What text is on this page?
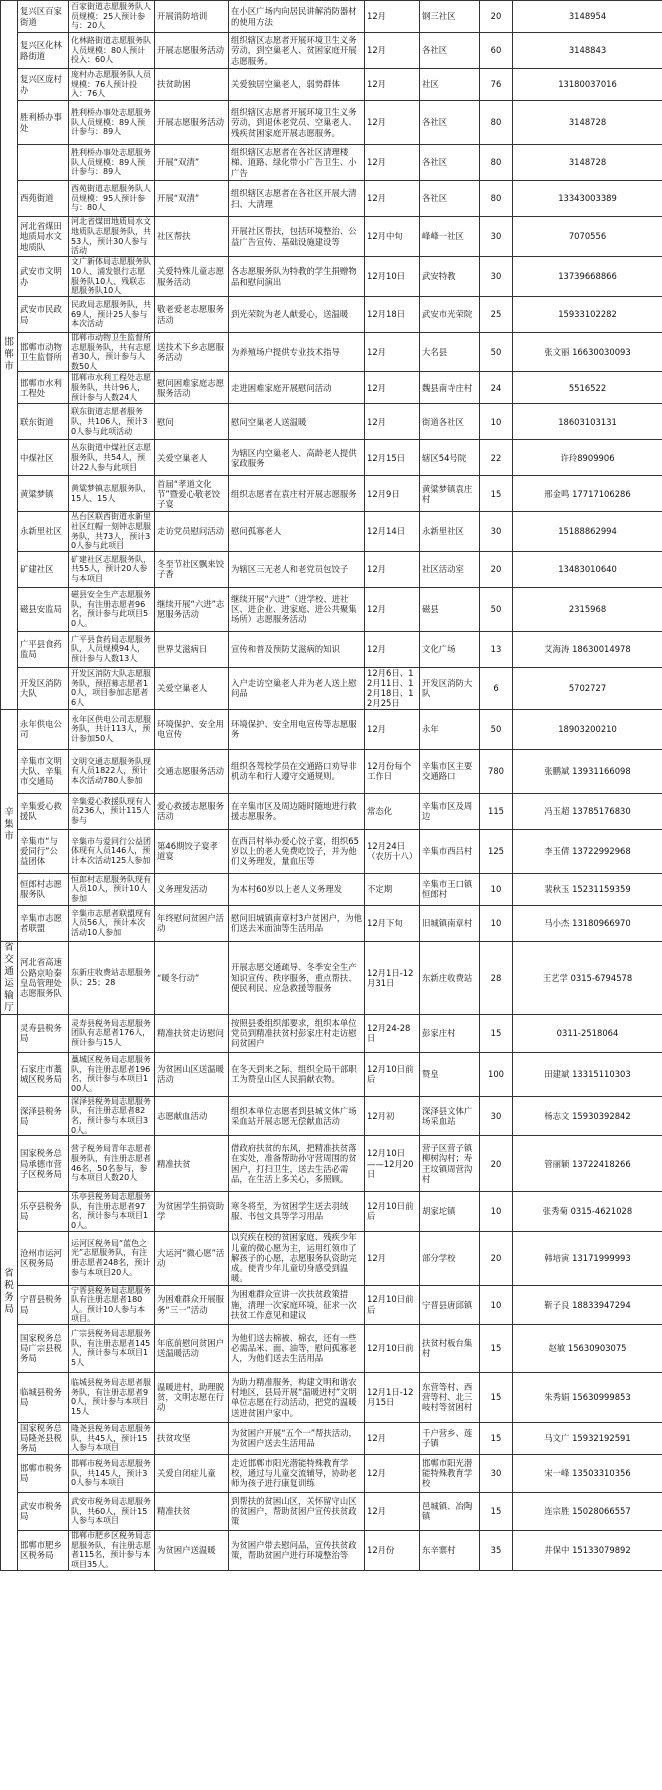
邯郸市	复兴区百家街道	百家街道志愿服务队人员规模：25人预计参与：20人	开展消防培训	在小区广场内向居民讲解消防器材的使用方法	12月	钢三社区	20	3148954
	复兴区化林路街道	化林路街道志愿服务队人员规模：80人预计投入：60人	开展志愿服务活动	组织辖区志愿者开展环境卫生义务劳动，到空巢老人、贫困家庭开展志愿服务。	12月	各社区	60	3148843
	复兴区庞村办	庞村办志愿服务队人员规模：76人预计投入：76人	扶贫助困	关爱独居空巢老人，弱势群体	12月	社区	76	13180037016
	胜利桥办事处	胜利桥办事处志愿服务队人员规模：89人预计参与：89人	开展志愿服务活动	组织辖区志愿者开展环境卫生义务劳动，到退休老党员、空巢老人、残疾贫困家庭开展志愿服务。	12月	各社区	80	3148728
		胜利桥办事处志愿服务队人员规模：89人预计参与：89人	开展“双清”	组织辖区志愿者在各社区清理楼梯、道路、绿化带小广告卫生、小广告	12月	各社区	80	3148728
	西苑街道	西苑街道志愿服务队人员规模：95人预计参与：80人	开展“双清”	组织辖区志愿者在各社区开展大清扫、大清理	12月	各社区	80	13343003389
	河北省煤田地质局水文地质队	河北省煤田地质局水文地质队志愿服务队，共53人，预计30人参与活动	社区帮扶	开展社区帮扶，包括环境整治、公益广告宣传、基础设施建设等	12月中旬	峰峰一社区	30	7070556
	武安市文明办	文广新体局志愿服务队10人、浦发银行志愿服务队10人、残联志愿服务队10人	关爱特殊儿童志愿服务活动	各志愿服务队为特教的学生捐赠物品和慰问演出	12月10日	武安特教	30	13739668866
	武安市民政局	民政局志愿服务队，共69人，预计25人参与本次活动	敬老爱老志愿服务活动	到光荣院为老人献爱心，送温暖	12月18日	武安市光荣院	25	15933102282
	邯郸市动物卫生监督所	邯郸市动物卫生监督所志愿服务队，共有志愿者30人，预计参与人数50人	送技术下乡志愿服务活动	为养殖场户提供专业技术指导	12月	大名县	50	张文丽 16630030093
	邯郸市水利工程处	邯郸市水利工程处志愿服务队，共计96人，预计参与人数24人	慰问困难家庭志愿服务活动	走进困难家庭开展慰问活动	12月	魏县南寺庄村	24	5516522
	联东街道	联东街道志愿者服务队，共106人，预计30人参与此项活动	慰问	慰问空巢老人送温暖	12月	街道各社区	10	18603103131
	中煤社区	丛东街道中煤社区志愿服务队，共54人，预计22人参与此项目	关爱空巢老人	为辖区内空巢老人、高龄老人提供家政服务	12月15日	辖区54号院	22	许玲8909906
	黄粱梦镇	黄粱梦镇志愿服务队，15人、15人	首届“孝道文化节”暨爱心敬老饺子宴	组织志愿者在袁庄村开展志愿服务	12月9日	黄粱梦镇袁庄村	15	邢金鸣 17717106286
	永新里社区	丛台区联西街道永新里社区红帽一刻钟志愿服务队，共73人，预计30人参与此项目	走访党员慰问活动	慰问孤寡老人	12月14日	永新里社区	30	15188862994
	矿建社区	矿建社区志愿服务队，共55人，预计20人参与本项目	冬至节社区飘来饺子香	为辖区三无老人和老党员包饺子	12月	社区活动室	20	13483010640
	磁县安监局	磁县安全生产志愿服务队，有注册志愿者96名，预计参与此项目50人。	继续开展“六进”志愿服务活动	继续开展“六进”（进学校、进社区、进企业、进家庭、进公共聚集场所）志愿服务活动	12月	磁县	50	2315968
	广平县食药监局	广平县食药局志愿服务队，人员规模94人，预计参与人数13人	世界艾滋病日	宣传和普及预防艾滋病的知识	12月	文化广场	13	艾海涛 18630014978
	开发区消防大队	开发区消防大队志愿服务队，预招募志愿者10人，项目参加志愿者6人	关爱空巢老人	入户走访空巢老人并为老人送上慰问品	12月6日、12月11日、12月18日、12月25日	开发区消防大队	6	5702727
辛集市	永年供电公司	永年区供电公司志愿服务队，共计113人，预计参加50人	环境保护、安全用电宣传	环境保护、安全用电宣传等志愿服务	12月	永年	50	18903200210
	辛集市文明大队、辛集市交通局	文明交通志愿服务队现有人员1822人，预计本次活动780人参加	交通志愿服务活动	组织各驾校学员在交通路口劝导非机动车和行人遵守交通规则。	12月份每个工作日	辛集市区主要交通路口	780	张鹏斌 13931166098
	辛集爱心救援队	辛集爱心救援队现有人员236人，预计115人参与	爱心救援志愿服务活动	在辛集市区及周边随时随地进行救援志愿服务。	常态化	辛集市区及周边	115	冯玉超 13785176830
	辛集市“与爱同行”公益团体	辛集市与爱同行公益团体现有人员146人，预计本次活动125人参加	第46期饺子宴孝道宴	在西吕村举办爱心饺子宴，组织65岁以上的老人免费吃饺子，并为他们义务理发，量血压等	12月24日（农历十八）	辛集市西吕村	125	李玉倩 13722992968
	恒郎村志愿服务队	恒郎村志愿服务队现有人员10人，预计10人参加	义务理发活动	为本村60岁以上老人义务理发	不定期	辛集市王口镇恒郎村	10	裴秋玉 15231159359
	辛集市志愿者联盟	辛集市志愿者联盟现有人员56人，预计本次活动10人参加	年终慰问贫困户活动	慰问旧城镇南章村3户贫困户，为他们送去米面油等生活用品	12月下旬	旧城镇南章村	10	马小杰 13180966970
省交通运输厅	河北省高速公路京哈秦皇岛管理处志愿服务队	东新庄收费站志愿服务队；25；28	“暖冬行动”	开展志愿交通疏导、冬季安全生产知识宣传、秩序服务，重点帮扶、便民利民、应急救援等服务	12月1日-12月31日	东新庄收费站	28	王艺学 0315-6794578
省税务局	灵寿县税务局	灵寿县税务局志愿服务团队有志愿者176人，预计参与15人	精准扶贫走访慰问	按照县委组织部要求，组织本单位党员到精准扶贫村彭家庄村走访慰问贫困户	12月24-28日	彭家庄村	15	0311-2518064
	石家庄市藁城区税务局	藁城区税务局志愿服务队，有注册志愿者196名，预计参与本项目100人。	为贫困山区送温暖活动	在冬天到来之际，组织全局干部职工为赞皇山区人民捐献衣物。	12月10日前后	赞皇	100	田建斌 13315110303
	深泽县税务局	深泽县税务局志愿服务队，有注册志愿者82名，预计参与本项目30人。	志愿献血活动	组织本单位志愿者到县城文体广场采血站开展志愿无偿献血活动	12月初	深泽县文体广场采血站	30	杨志文 15930392842
	国家税务总局承德市营子区税务局	营子税务局青年志愿者服务队，有注册志愿者46名，50名参与，参与本项目人数20人	精准扶贫	借政府扶贫的东风，把精准扶贫落在实处，准备帮助孙守营周围的贫困户，打扫卫生，送去生活必需品，在生活上多关心，多照顾。	12月10日——12月20日	营子区营子镇柳树沟村；寿王坟镇周营沟村	20	管丽颖 13722418266
	乐亭县税务局	乐亭县税务局志愿服务队，有注册志愿者97名，预计参与本项目10人。	为贫困学生捐资助学	寒冬将至，为贫困学生送去羽绒服、书包文具等学习用品	12月10日前后	胡家坨镇	10	张秀菊 0315-4621028
	沧州市运河区税务局	运河区税务局“蓝色之光”志愿服务队，有注册志愿者248名，预计参与本项目20人。	大运河“微心愿”活动	以究疾在校的贫困家庭、残疾少年儿童的微心愿为主，运用红领巾了解孩子的心愿，志愿服务队资助完成。使青少年儿童切身感受到温暖。	12月	部分学校	20	韩培寅 13171999993
	宁晋县税务局	宁晋县税务局志愿服务队有注册志愿者180人。预计10人参与本项目。	为困难群众开展服务“三一”活动	为困难群众宣讲一次扶贫政策措施，清理一次家庭环境，征求一次扶贫工作意见和建议	12月10日前后	宁晋县唐邱镇	10	靳子良 18833947294
	国家税务总局广宗县税务局	广宗县税务局志愿服务队，有注册志愿者145人，预计参与本项目15人	年底前慰问贫困户送温暖活动	为他们送去棉被、棉衣，还有一些必需品米、面、油等，慰问孤寡老人，为他们送去生活用品	12月10日前	扶贫村板台集村	15	赵敏 15630903075
	临城县税务局	临城县税务局志愿者服务队，有注册志愿者90人，预计参与本项目15人	温暖进村，助理脱贫，文明志愿在行动	为助力精准服务，构建文明和谐农村地区，县局开展“温暖进村”文明单位志愿在行动活动，把党的温暖送进贫困户家中。	12月1日-12月15日	东营等村、西营等村、北三岐村等贫困村	15	朱秀娟 15630999853
	国家税务总局隆尧县税务局	隆尧县税务局志愿服务队，共45人，预计15人参与本项目	扶贫攻坚	为贫困户开展“五个一”帮扶活动，为贫困户送去生活用品	12月	千户营乡、莲子镇	15	马文广 15932192591
	邯郸市税务局	邯郸市税务局志愿服务队，共145人，预计30人参与本项目	关爱自闭症儿童	走近邯郸市阳光潜能特殊教育学校，通过与儿童交流辅导，协助老师为孩子进行康复训练	12月	邯郸市阳光潜能特殊教育学校	30	宋一峰 13503310356
	武安市税务局	武安市税务局志愿服务队，共60人，预计15人参与本项目	精准扶贫	到帮扶的贫困山区，关怀留守山区的贫困户，帮助贫困户宣传扶贫政策	12月	邑城镇、冶陶镇	15	连宗胜 15028066557
	邯郸市肥乡区税务局	邯郸市肥乡区税务局志愿服务队，有注册志愿者115名，预计参与本项目35人。	为贫困户送温暖	为贫困户带去慰问品，宣传扶贫政策，帮助贫困户进行环境整治等	12月份	东辛寨村	35	井保中 15133079892
